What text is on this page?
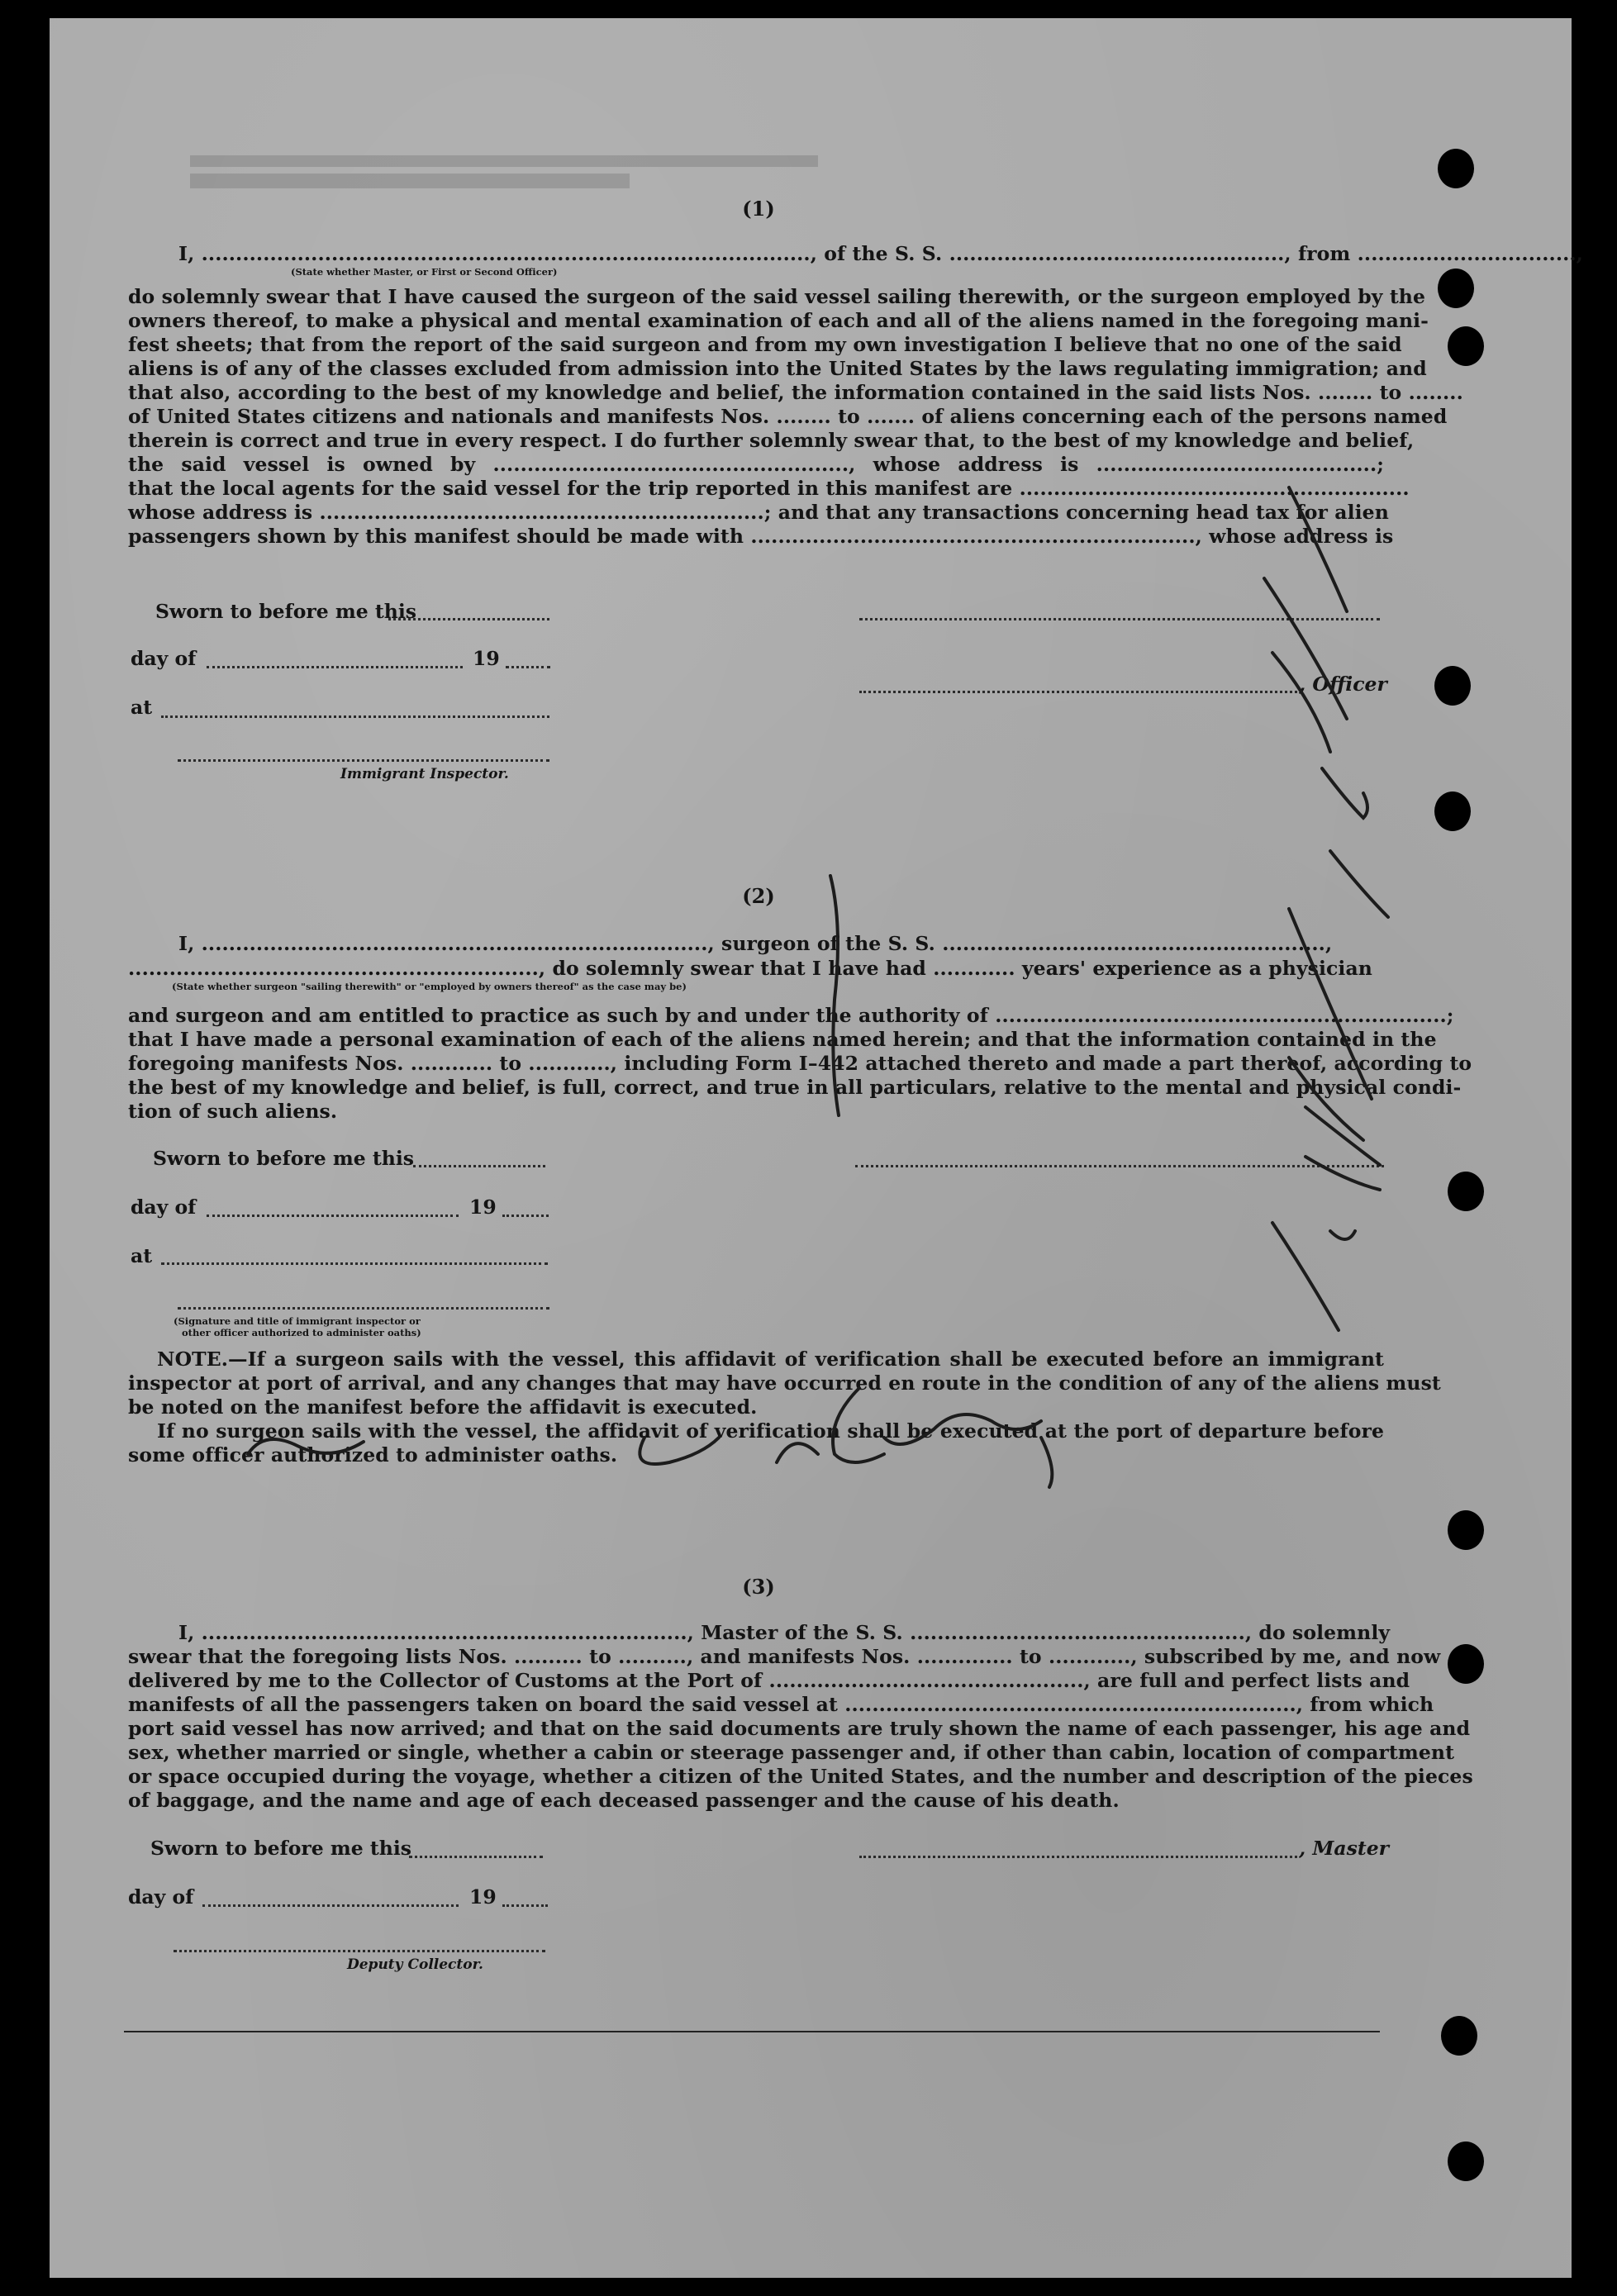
(1)
I, ........................................................................................., of the S. S. ................................................., from ................................,
(State whether Master, or First or Second Officer)
do solemnly swear that I have caused the surgeon of the said vessel sailing therewith, or the surgeon employed by the
owners thereof, to make a physical and mental examination of each and all of the aliens named in the foregoing mani-
fest sheets; that from the report of the said surgeon and from my own investigation I believe that no one of the said
aliens is of any of the classes excluded from admission into the United States by the laws regulating immigration; and
that also, according to the best of my knowledge and belief, the information contained in the said lists Nos. ........ to ........
of United States citizens and nationals and manifests Nos. ........ to ....... of aliens concerning each of the persons named
therein is correct and true in every respect. I do further solemnly swear that, to the best of my knowledge and belief,
the said vessel is owned by ...................................................., whose address is .........................................;
that the local agents for the said vessel for the trip reported in this manifest are .........................................................
whose address is .................................................................; and that any transactions concerning head tax for alien
passengers shown by this manifest should be made with ................................................................., whose address is
Sworn to before me this
day of	19
, Officer
at
Immigrant Inspector.
(2)
I, .........................................................................., surgeon of the S. S. ........................................................,
............................................................, do solemnly swear that I have had ............ years' experience as a physician
(State whether surgeon "sailing therewith" or "employed by owners thereof" as the case may be)
and surgeon and am entitled to practice as such by and under the authority of ..................................................................;
that I have made a personal examination of each of the aliens named herein; and that the information contained in the
foregoing manifests Nos. ............ to ............, including Form I–442 attached thereto and made a part thereof, according to
the best of my knowledge and belief, is full, correct, and true in all particulars, relative to the mental and physical condi-
tion of such aliens.
Sworn to before me this
day of	19
at
(Signature and title of immigrant inspector or
other officer authorized to administer oaths)
NOTE.—If a surgeon sails with the vessel, this affidavit of verification shall be executed before an immigrant
inspector at port of arrival, and any changes that may have occurred en route in the condition of any of the aliens must
be noted on the manifest before the affidavit is executed.
If no surgeon sails with the vessel, the affidavit of verification shall be executed at the port of departure before
some officer authorized to administer oaths.
(3)
I, ......................................................................., Master of the S. S. ................................................., do solemnly
swear that the foregoing lists Nos. .......... to .........., and manifests Nos. .............. to ............, subscribed by me, and now
delivered by me to the Collector of Customs at the Port of .............................................., are full and perfect lists and
manifests of all the passengers taken on board the said vessel at .................................................................., from which
port said vessel has now arrived; and that on the said documents are truly shown the name of each passenger, his age and
sex, whether married or single, whether a cabin or steerage passenger and, if other than cabin, location of compartment
or space occupied during the voyage, whether a citizen of the United States, and the number and description of the pieces
of baggage, and the name and age of each deceased passenger and the cause of his death.
Sworn to before me this	, Master
day of	19
Deputy Collector.
